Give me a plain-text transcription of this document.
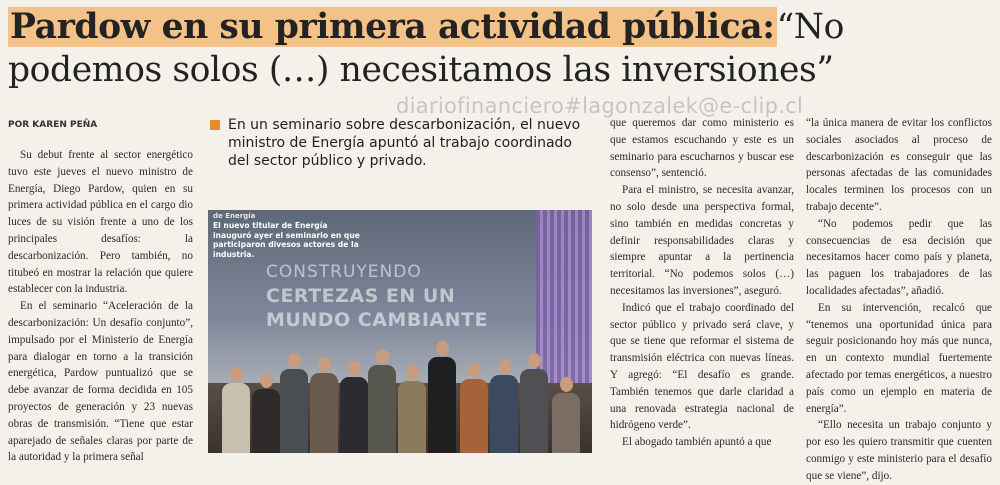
Pardow en su primera actividad pública:“No podemos solos (…) necesitamos las inversiones”
diariofinanciero#lagonzalek@e-clip.cl
POR KAREN PEÑA

Su debut frente al sector energético tuvo este jueves el nuevo ministro de Energía, Diego Pardow, quien en su primera actividad pública en el cargo dio luces de su visión frente a uno de los principales desafíos: la descarbonización. Pero también, no titubeó en mostrar la relación que quiere establecer con la industria.

En el seminario “Aceleración de la descarbonización: Un desafío conjunto”, impulsado por el Ministerio de Energía para dialogar en torno a la transición energética, Pardow puntualizó que se debe avanzar de forma decidida en 105 proyectos de generación y 23 nuevas obras de transmisión. “Tiene que estar aparejado de señales claras por parte de la autoridad y la primera señal

En un seminario sobre descarbonización, el nuevo ministro de Energía apuntó al trabajo coordinado del sector público y privado.
de Energía
El nuevo titular de Energía inauguró ayer el seminario en que participaron divesos actores de la industria.
CONSTRUYENDO
CERTEZAS EN UN
MUNDO CAMBIANTE

que queremos dar como ministerio es que estamos escuchando y este es un seminario para escucharnos y buscar ese consenso”, sentenció.

Para el ministro, se necesita avanzar, no solo desde una perspectiva formal, sino también en medidas concretas y definir responsabilidades claras y siempre apuntar a la pertinencia territorial. “No podemos solos (…) necesitamos las inversiones”, aseguró.

Indicó que el trabajo coordinado del sector público y privado será clave, y que se tiene que reformar el sistema de transmisión eléctrica con nuevas líneas. Y agregó: “El desafío es grande. También tenemos que darle claridad a una renovada estrategia nacional de hidrógeno verde”.

El abogado también apuntó a que

“la única manera de evitar los conflictos sociales asociados al proceso de descarbonización es conseguir que las personas afectadas de las comunidades locales terminen los procesos con un trabajo decente”.

“No podemos pedir que las consecuencias de esa decisión que necesitamos hacer como país y planeta, las paguen los trabajadores de las localidades afectadas”, añadió.

En su intervención, recalcó que “tenemos una oportunidad única para seguir posicionando hoy más que nunca, en un contexto mundial fuertemente afectado por temas energéticos, a nuestro país como un ejemplo en materia de energía”.

“Ello necesita un trabajo conjunto y por eso les quiero transmitir que cuenten conmigo y este ministerio para el desafío que se viene”, dijo.
